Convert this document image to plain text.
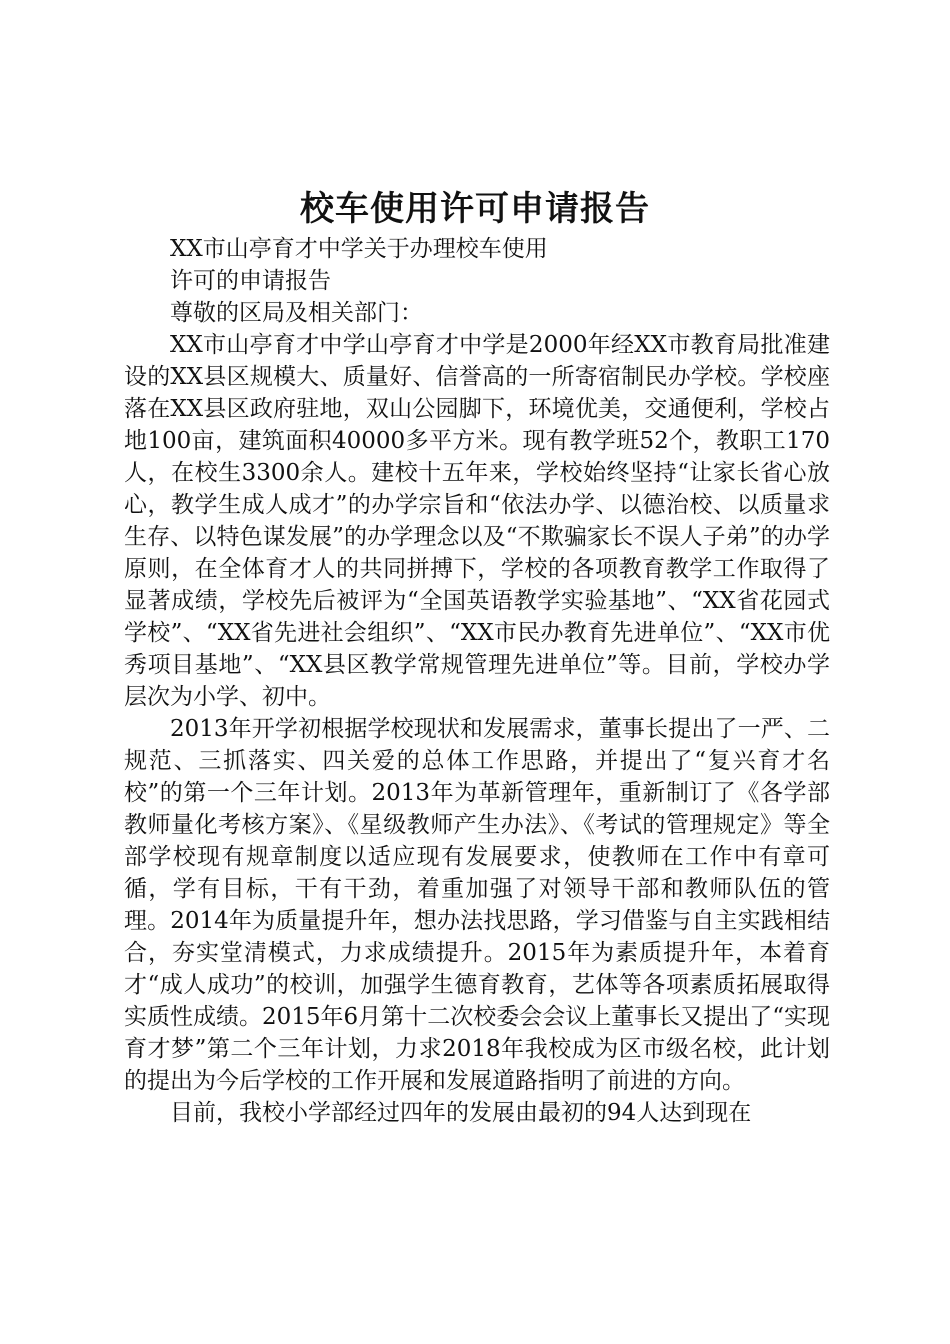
校车使用许可申请报告

XX市山亭育才中学关于办理校车使用

许可的申请报告

尊敬的区局及相关部门：

XX市山亭育才中学山亭育才中学是2000年经XX市教育局批准建设的XX县区规模大、质量好、信誉高的一所寄宿制民办学校。学校座落在XX县区政府驻地，双山公园脚下，环境优美，交通便利，学校占地100亩，建筑面积40000多平方米。现有教学班52个，教职工170人，在校生3300余人。建校十五年来，学校始终坚持“让家长省心放心，教学生成人成才”的办学宗旨和“依法办学、以德治校、以质量求生存、以特色谋发展”的办学理念以及“不欺骗家长不误人子弟”的办学原则，在全体育才人的共同拼搏下，学校的各项教育教学工作取得了显著成绩，学校先后被评为“全国英语教学实验基地”、“XX省花园式学校”、“XX省先进社会组织”、“XX市民办教育先进单位”、“XX市优秀项目基地”、“XX县区教学常规管理先进单位”等。目前，学校办学层次为小学、初中。

2013年开学初根据学校现状和发展需求，董事长提出了一严、二规范、三抓落实、四关爱的总体工作思路，并提出了“复兴育才名校”的第一个三年计划。2013年为革新管理年，重新制订了《各学部教师量化考核方案》、《星级教师产生办法》、《考试的管理规定》等全部学校现有规章制度以适应现有发展要求，使教师在工作中有章可循，学有目标，干有干劲，着重加强了对领导干部和教师队伍的管理。2014年为质量提升年，想办法找思路，学习借鉴与自主实践相结合，夯实堂清模式，力求成绩提升。2015年为素质提升年，本着育才“成人成功”的校训，加强学生德育教育，艺体等各项素质拓展取得实质性成绩。2015年6月第十二次校委会会议上董事长又提出了“实现育才梦”第二个三年计划，力求2018年我校成为区市级名校，此计划的提出为今后学校的工作开展和发展道路指明了前进的方向。

目前，我校小学部经过四年的发展由最初的94人达到现在
